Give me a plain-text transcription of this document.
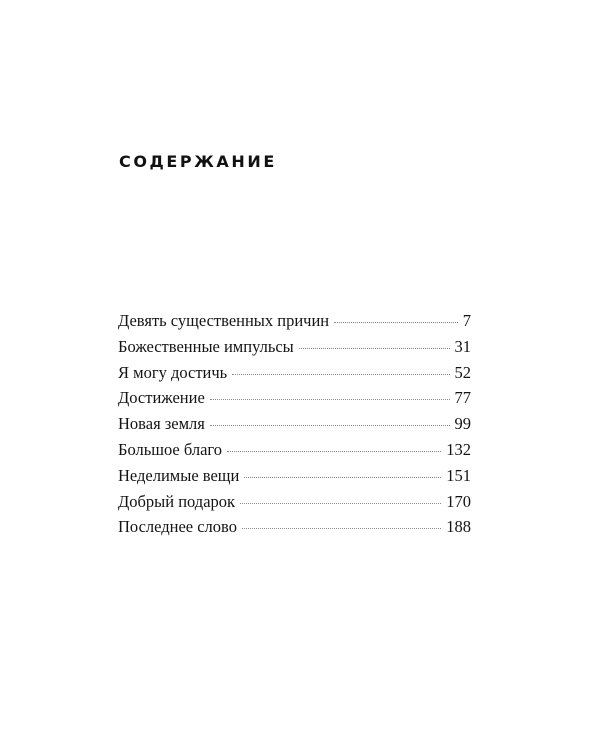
СОДЕРЖАНИЕ
Девять существенных причин	7
Божественные импульсы	31
Я могу достичь	52
Достижение	77
Новая земля	99
Большое благо	132
Неделимые вещи	151
Добрый подарок	170
Последнее слово	188
